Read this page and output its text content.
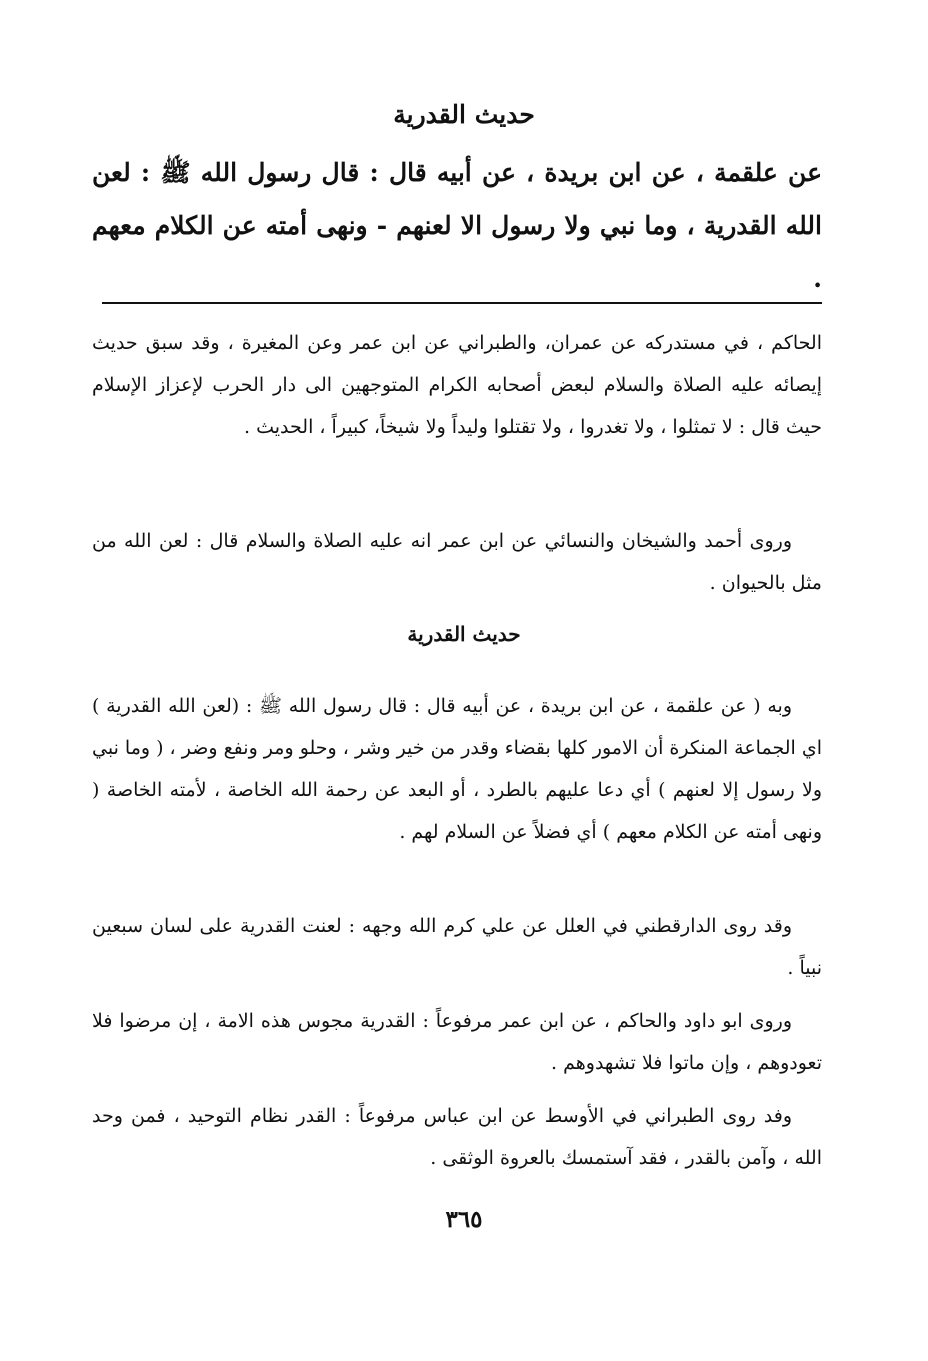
حديث القدرية

عن علقمة ، عن ابن بريدة ، عن أبيه قال : قال رسول الله ﷺ : لعن الله القدرية ، وما نبي ولا رسول الا لعنهم - ونهى أمته عن الكلام معهم .

الحاكم ، في مستدركه عن عمران، والطبراني عن ابن عمر وعن المغيرة ، وقد سبق حديث إيصائه عليه الصلاة والسلام لبعض أصحابه الكرام المتوجهين الى دار الحرب لإعزاز الإسلام حيث قال : لا تمثلوا ، ولا تغدروا ، ولا تقتلوا وليداً ولا شيخاً، كبيراً ، الحديث .

وروى أحمد والشيخان والنسائي عن ابن عمر انه عليه الصلاة والسلام قال : لعن الله من مثل بالحيوان .

حديث القدرية

وبه ( عن علقمة ، عن ابن بريدة ، عن أبيه قال : قال رسول الله ﷺ : (لعن الله القدرية ) اي الجماعة المنكرة أن الامور كلها بقضاء وقدر من خير وشر ، وحلو ومر ونفع وضر ، ( وما نبي ولا رسول إلا لعنهم ) أي دعا عليهم بالطرد ، أو البعد عن رحمة الله الخاصة ، لأمته الخاصة ( ونهى أمته عن الكلام معهم ) أي فضلاً عن السلام لهم .

وقد روى الدارقطني في العلل عن علي كرم الله وجهه : لعنت القدرية على لسان سبعين نبياً .

وروى ابو داود والحاكم ، عن ابن عمر مرفوعاً : القدرية مجوس هذه الامة ، إن مرضوا فلا تعودوهم ، وإن ماتوا فلا تشهدوهم .

وفد روى الطبراني في الأوسط عن ابن عباس مرفوعاً : القدر نظام التوحيد ، فمن وحد الله ، وآمن بالقدر ، فقد آستمسك بالعروة الوثقى .

٣٦٥
